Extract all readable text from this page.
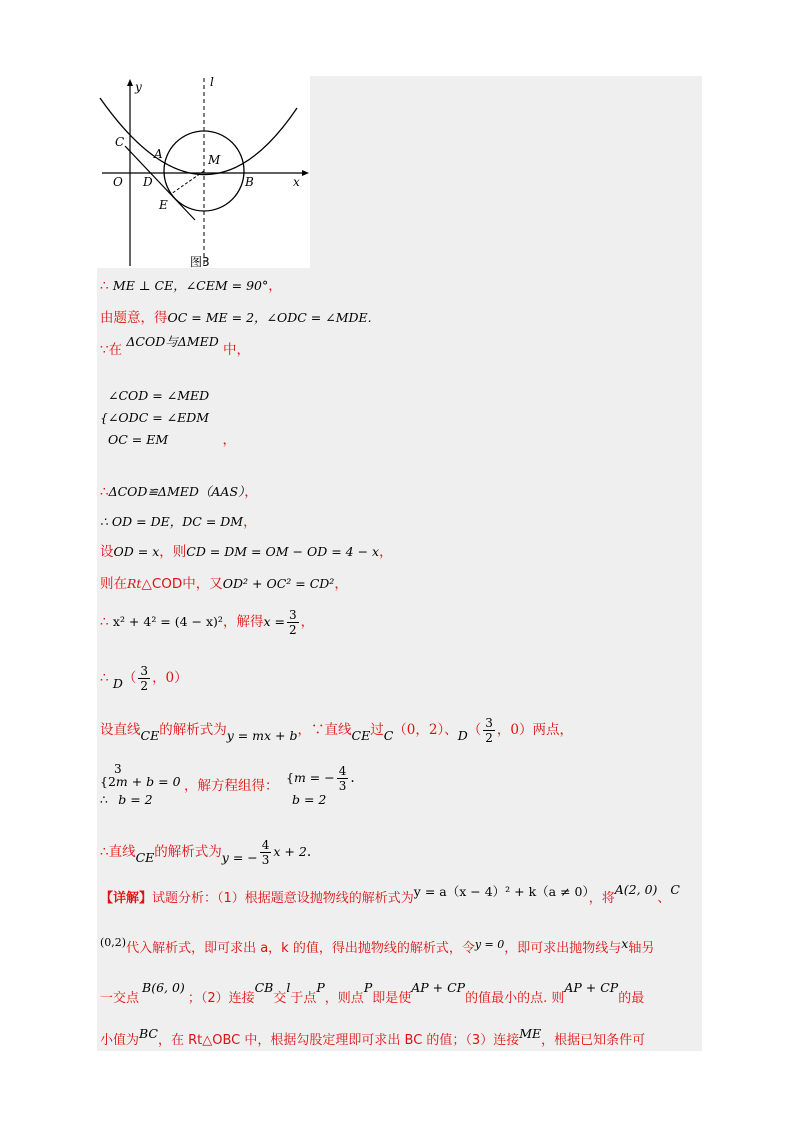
y	l
C
A	M
O D	B	x
E
图3
∴ ME ⊥ CE，∠CEM = 90°，
由题意，得OC = ME = 2，∠ODC = ∠MDE.
∵在 ΔCOD与ΔMED 中，
∠COD = ∠MED
{∠ODC = ∠EDM
OC = EM	，
∴ΔCOD≌ΔMED（AAS），
∴ OD = DE，DC = DM，
设OD = x，则CD = DM = OM − OD = 4 − x，
则在Rt△COD中，又OD² + OC² = CD²，
∴ x² + 4² = (4 − x)²，解得$x = \frac{3}{2}$ ，
∴ $D( \frac{3}{2}$ ，0）
设直线CE的解析式为y = mx + b，∵直线CE过C（0，2）、$D( \frac{3}{2}$ ，0）两点，
3
{2m + b = 0
∴ b = 2
，解方程组得：
{m = − $\frac{4}{3}$ .
b = 2
∴直线CE的解析式为y = − $\frac{4}{3}$ x + 2.
【详解】试题分析：（1）根据题意设抛物线的解析式为y = a（x − 4）² + k（a ≠ 0），将A(2, 0)、C
$^{(0,2)}$代入解析式，即可求出 a，k 的值，得出抛物线的解析式，令$^{y = 0}$，即可求出抛物线与x轴另
一交点B(6, 0)；（2）连接CB交l于点P，则点P即是使AP + CP的值最小的点. 则AP + CP的最
小值为BC，在 Rt△OBC 中，根据勾股定理即可求出 BC 的值；（3）连接ME，根据已知条件可
